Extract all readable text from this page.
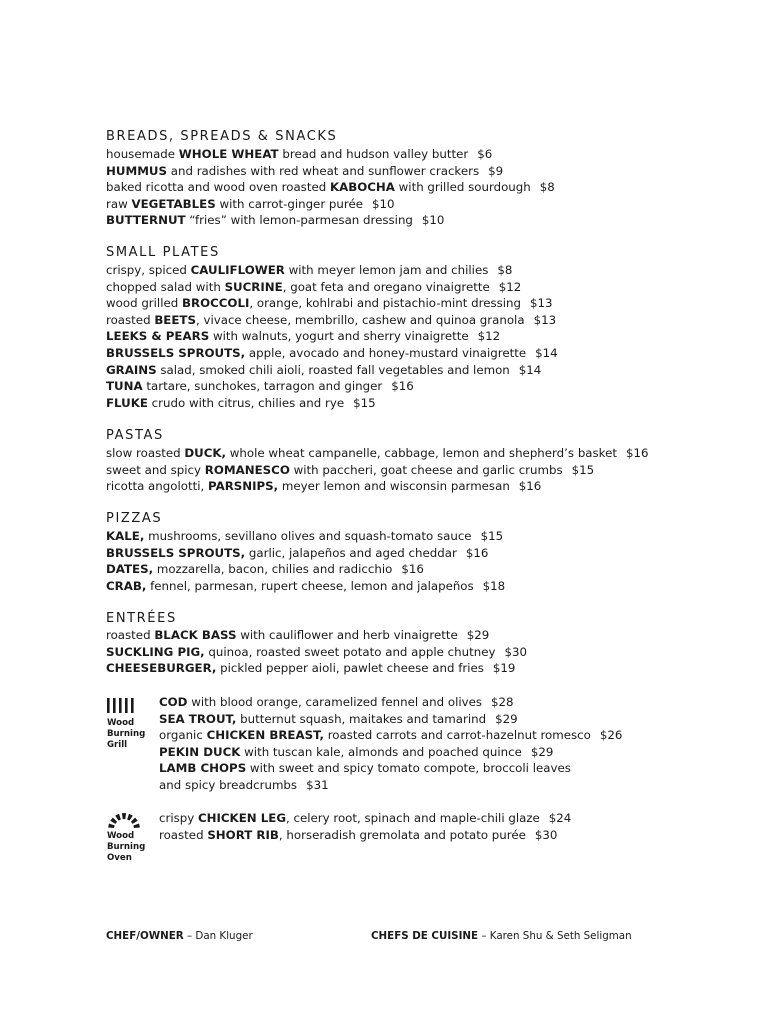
BREADS, SPREADS & SNACKS
SMALL PLATES
PASTAS
PIZZAS
ENTRÉES
housemade WHOLE WHEAT bread and hudson valley butter $6
HUMMUS and radishes with red wheat and sunflower crackers $9
baked ricotta and wood oven roasted KABOCHA with grilled sourdough $8
raw VEGETABLES with carrot-ginger purée $10
BUTTERNUT “fries” with lemon-parmesan dressing $10
crispy, spiced CAULIFLOWER with meyer lemon jam and chilies $8
chopped salad with SUCRINE, goat feta and oregano vinaigrette $12
wood grilled BROCCOLI, orange, kohlrabi and pistachio-mint dressing $13
roasted BEETS, vivace cheese, membrillo, cashew and quinoa granola $13
LEEKS & PEARS with walnuts, yogurt and sherry vinaigrette $12
BRUSSELS SPROUTS, apple, avocado and honey-mustard vinaigrette $14
GRAINS salad, smoked chili aioli, roasted fall vegetables and lemon $14
TUNA tartare, sunchokes, tarragon and ginger $16
FLUKE crudo with citrus, chilies and rye $15
slow roasted DUCK, whole wheat campanelle, cabbage, lemon and shepherd’s basket $16
sweet and spicy ROMANESCO with paccheri, goat cheese and garlic crumbs $15
ricotta angolotti, PARSNIPS, meyer lemon and wisconsin parmesan $16
KALE, mushrooms, sevillano olives and squash-tomato sauce $15
BRUSSELS SPROUTS, garlic, jalapeños and aged cheddar $16
DATES, mozzarella, bacon, chilies and radicchio $16
CRAB, fennel, parmesan, rupert cheese, lemon and jalapeños $18
roasted BLACK BASS with cauliflower and herb vinaigrette $29
SUCKLING PIG, quinoa, roasted sweet potato and apple chutney $30
CHEESEBURGER, pickled pepper aioli, pawlet cheese and fries $19
COD with blood orange, caramelized fennel and olives $28
SEA TROUT, butternut squash, maitakes and tamarind $29
organic CHICKEN BREAST, roasted carrots and carrot-hazelnut romesco $26
PEKIN DUCK with tuscan kale, almonds and poached quince $29
LAMB CHOPS with sweet and spicy tomato compote, broccoli leaves
and spicy breadcrumbs $31
crispy CHICKEN LEG, celery root, spinach and maple-chili glaze $24
roasted SHORT RIB, horseradish gremolata and potato purée $30
Wood
Burning
Grill
Wood
Burning
Oven
CHEF/OWNER – Dan Kluger	CHEFS DE CUISINE – Karen Shu & Seth Seligman
